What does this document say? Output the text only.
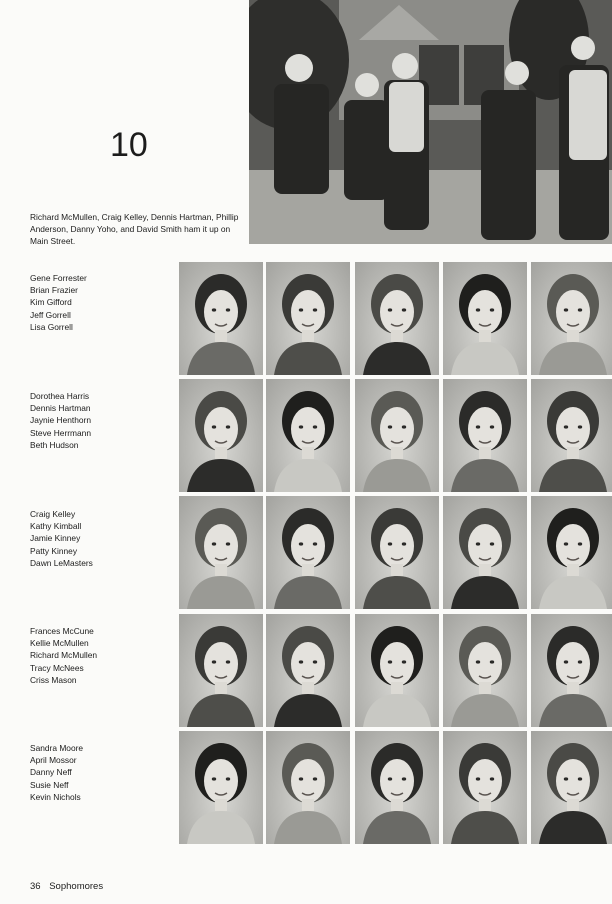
10
Richard McMullen, Craig Kelley, Dennis Hartman, Phillip Anderson, Danny Yoho, and David Smith ham it up on Main Street.
Gene Forrester
Brian Frazier
Kim Gifford
Jeff Gorrell
Lisa Gorrell
Dorothea Harris
Dennis Hartman
Jaynie Henthorn
Steve Herrmann
Beth Hudson
Craig Kelley
Kathy Kimball
Jamie Kinney
Patty Kinney
Dawn LeMasters
Frances McCune
Kellie McMullen
Richard McMullen
Tracy McNees
Criss Mason
Sandra Moore
April Mossor
Danny Neff
Susie Neff
Kevin Nichols
36 Sophomores
